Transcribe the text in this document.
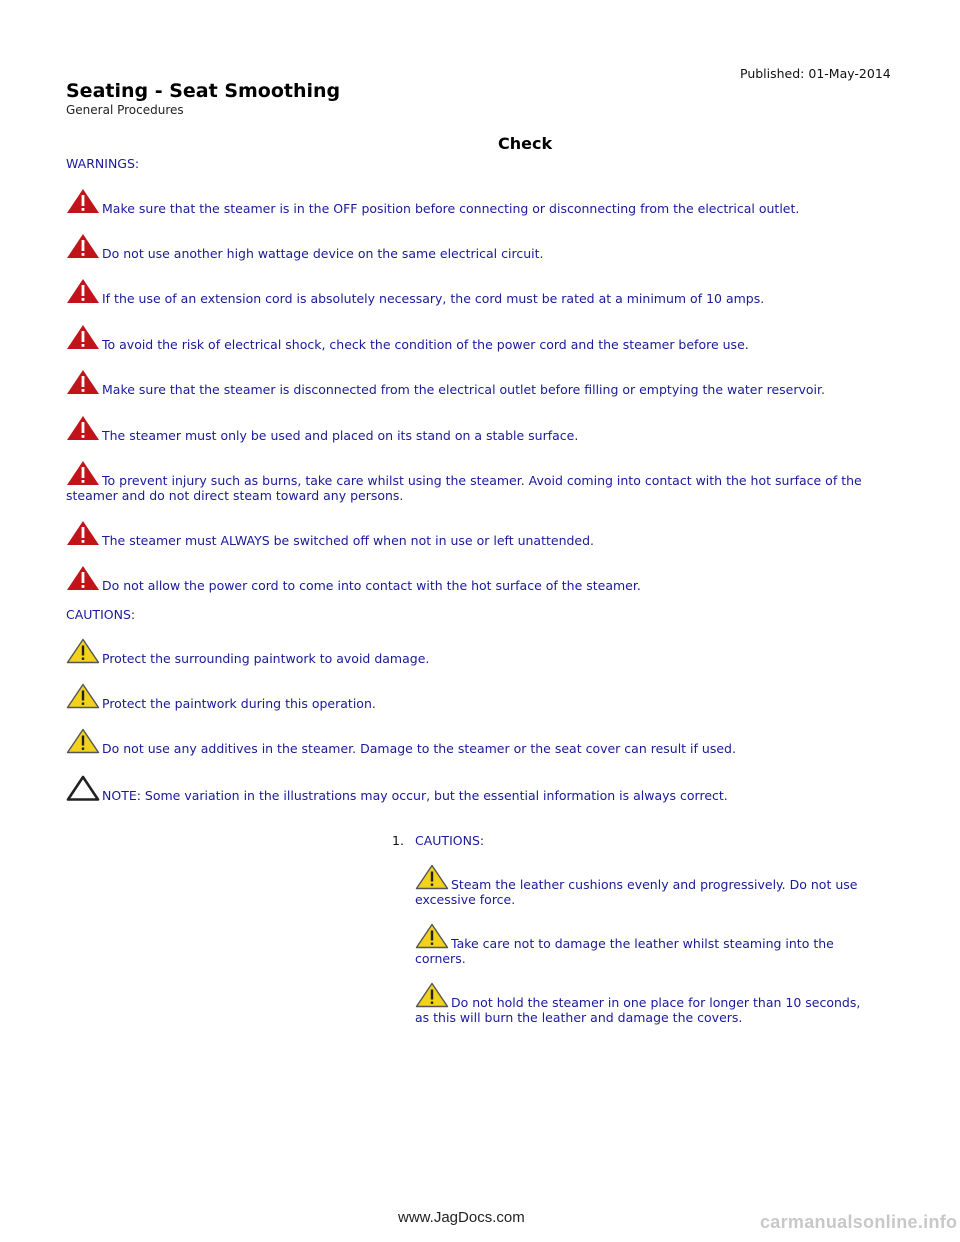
Published: 01-May-2014
Seating - Seat Smoothing
General Procedures
Check
WARNINGS:
Make sure that the steamer is in the OFF position before connecting or disconnecting from the electrical outlet.
Do not use another high wattage device on the same electrical circuit.
If the use of an extension cord is absolutely necessary, the cord must be rated at a minimum of 10 amps.
To avoid the risk of electrical shock, check the condition of the power cord and the steamer before use.
Make sure that the steamer is disconnected from the electrical outlet before filling or emptying the water reservoir.
The steamer must only be used and placed on its stand on a stable surface.
To prevent injury such as burns, take care whilst using the steamer. Avoid coming into contact with the hot surface of the steamer and do not direct steam toward any persons.
The steamer must ALWAYS be switched off when not in use or left unattended.
Do not allow the power cord to come into contact with the hot surface of the steamer.
CAUTIONS:
Protect the surrounding paintwork to avoid damage.
Protect the paintwork during this operation.
Do not use any additives in the steamer. Damage to the steamer or the seat cover can result if used.
NOTE: Some variation in the illustrations may occur, but the essential information is always correct.
1. CAUTIONS:
Steam the leather cushions evenly and progressively. Do not use excessive force.
Take care not to damage the leather whilst steaming into the corners.
Do not hold the steamer in one place for longer than 10 seconds, as this will burn the leather and damage the covers.
www.JagDocs.com	carmanualsonline.info
